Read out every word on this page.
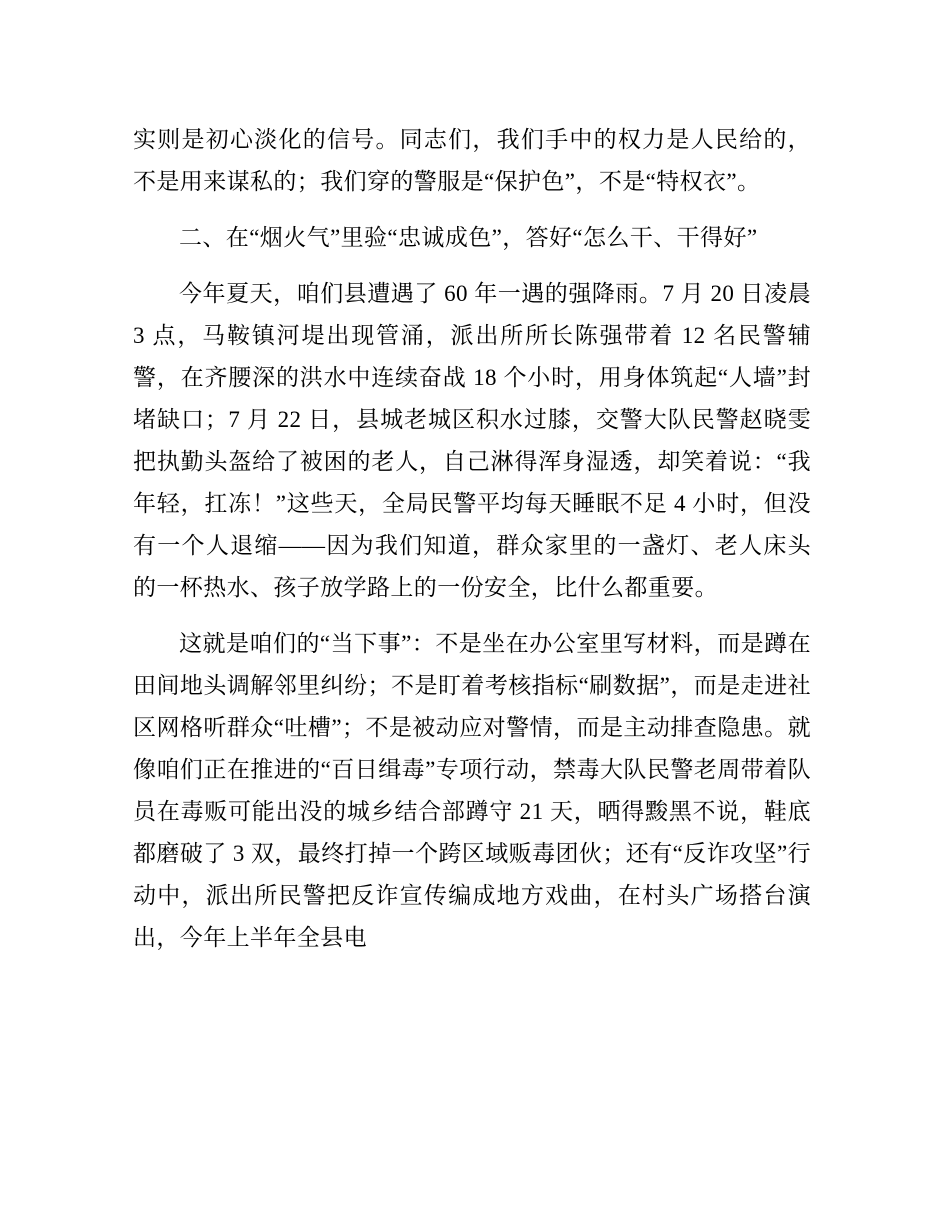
实则是初心淡化的信号。同志们，我们手中的权力是人民给的，不是用来谋私的；我们穿的警服是“保护色”，不是“特权衣”。

二、在“烟火气”里验“忠诚成色”，答好“怎么干、干得好”

今年夏天，咱们县遭遇了 60 年一遇的强降雨。7 月 20 日凌晨 3 点，马鞍镇河堤出现管涌，派出所所长陈强带着 12 名民警辅警，在齐腰深的洪水中连续奋战 18 个小时，用身体筑起“人墙”封堵缺口；7 月 22 日，县城老城区积水过膝，交警大队民警赵晓雯把执勤头盔给了被困的老人，自己淋得浑身湿透，却笑着说：“我年轻，扛冻！”这些天，全局民警平均每天睡眠不足 4 小时，但没有一个人退缩——因为我们知道，群众家里的一盏灯、老人床头的一杯热水、孩子放学路上的一份安全，比什么都重要。

这就是咱们的“当下事”：不是坐在办公室里写材料，而是蹲在田间地头调解邻里纠纷；不是盯着考核指标“刷数据”，而是走进社区网格听群众“吐槽”；不是被动应对警情，而是主动排查隐患。就像咱们正在推进的“百日缉毒”专项行动，禁毒大队民警老周带着队员在毒贩可能出没的城乡结合部蹲守 21 天，晒得黢黑不说，鞋底都磨破了 3 双，最终打掉一个跨区域贩毒团伙；还有“反诈攻坚”行动中，派出所民警把反诈宣传编成地方戏曲，在村头广场搭台演出，今年上半年全县电
